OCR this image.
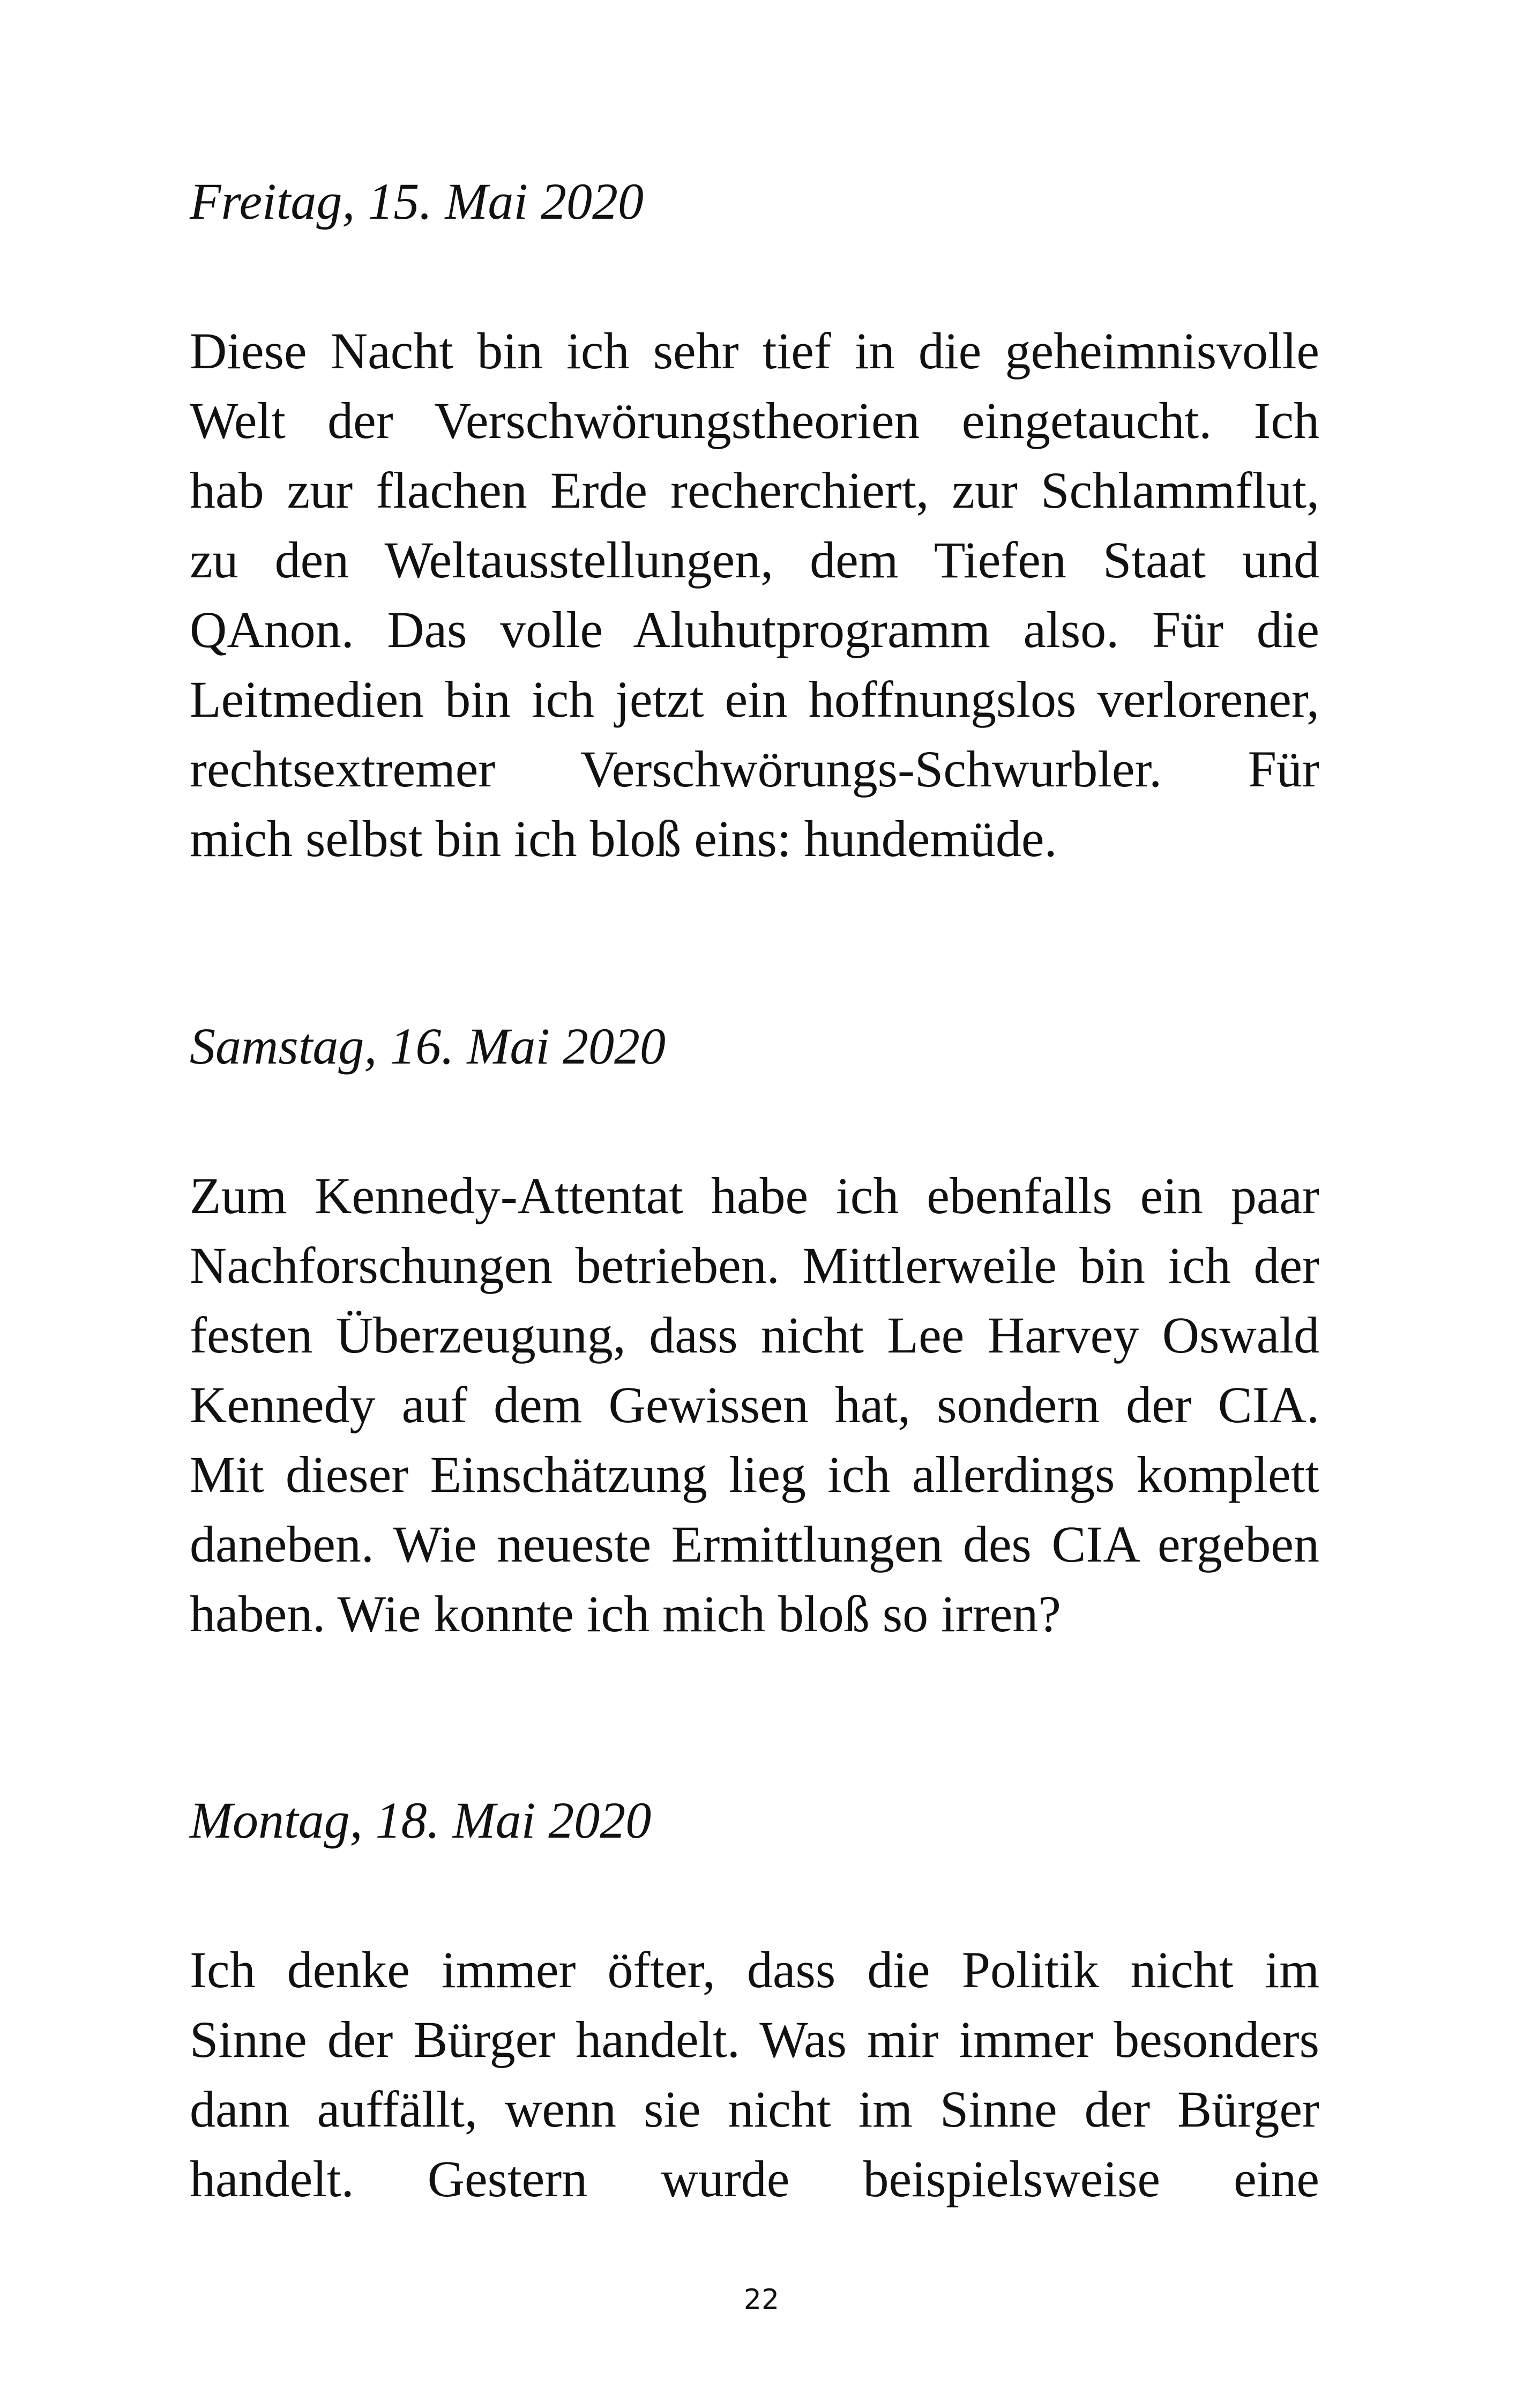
Freitag, 15. Mai 2020

Diese Nacht bin ich sehr tief in die geheimnisvolle
Welt der Verschwörungstheorien eingetaucht. Ich
hab zur flachen Erde recherchiert, zur Schlammflut,
zu den Weltausstellungen, dem Tiefen Staat und
QAnon. Das volle Aluhutprogramm also. Für die
Leitmedien bin ich jetzt ein hoffnungslos verlorener,
rechtsextremer Verschwörungs-Schwurbler. Für
mich selbst bin ich bloß eins: hundemüde.

Samstag, 16. Mai 2020

Zum Kennedy-Attentat habe ich ebenfalls ein paar
Nachforschungen betrieben. Mittlerweile bin ich der
festen Überzeugung, dass nicht Lee Harvey Oswald
Kennedy auf dem Gewissen hat, sondern der CIA.
Mit dieser Einschätzung lieg ich allerdings komplett
daneben. Wie neueste Ermittlungen des CIA ergeben
haben. Wie konnte ich mich bloß so irren?

Montag, 18. Mai 2020

Ich denke immer öfter, dass die Politik nicht im
Sinne der Bürger handelt. Was mir immer besonders
dann auffällt, wenn sie nicht im Sinne der Bürger
handelt. Gestern wurde beispielsweise eine
22
